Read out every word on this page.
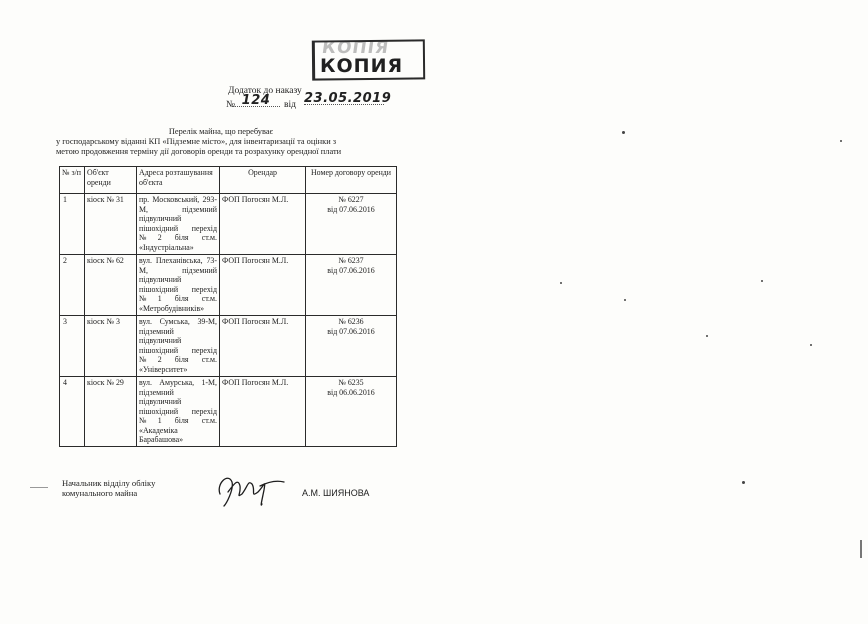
КОПІЯ
КОПИЯ
Додаток до наказу
№ 124	від 23.05.2019
Перелік майна, що перебуває
у господарському віданні КП «Підземне місто», для інвентаризації та оцінки з
метою продовження терміну дії договорів оренди та розрахунку орендної плати
№ з/п	Об'єкт оренди	Адреса розташування об'єкта	Орендар	Номер договору оренди
1	кіоск № 31	пр. Московський, 293-М, підземний підвуличний пішохідний перехід №2 біля ст.м. «Індустріальна»	ФОП Погосян М.Л.	№ 6227
від 07.06.2016

2	кіоск № 62	вул. Плеханівська, 73-М, підземний підвуличний пішохідний перехід №1 біля ст.м. «Метробудівників»	ФОП Погосян М.Л.	№ 6237
від 07.06.2016

3	кіоск № 3	вул. Сумська, 39-М, підземний підвуличний пішохідний перехід №2 біля ст.м. «Університет»	ФОП Погосян М.Л.	№ 6236
від 07.06.2016

4	кіоск № 29	вул. Амурська, 1-М, підземний підвуличний пішохідний перехід №1 біля ст.м. «Академіка Барабашова»	ФОП Погосян М.Л.	№ 6235
від 06.06.2016
Начальник відділу обліку
комунального майна	А.М. ШИЯНОВА
